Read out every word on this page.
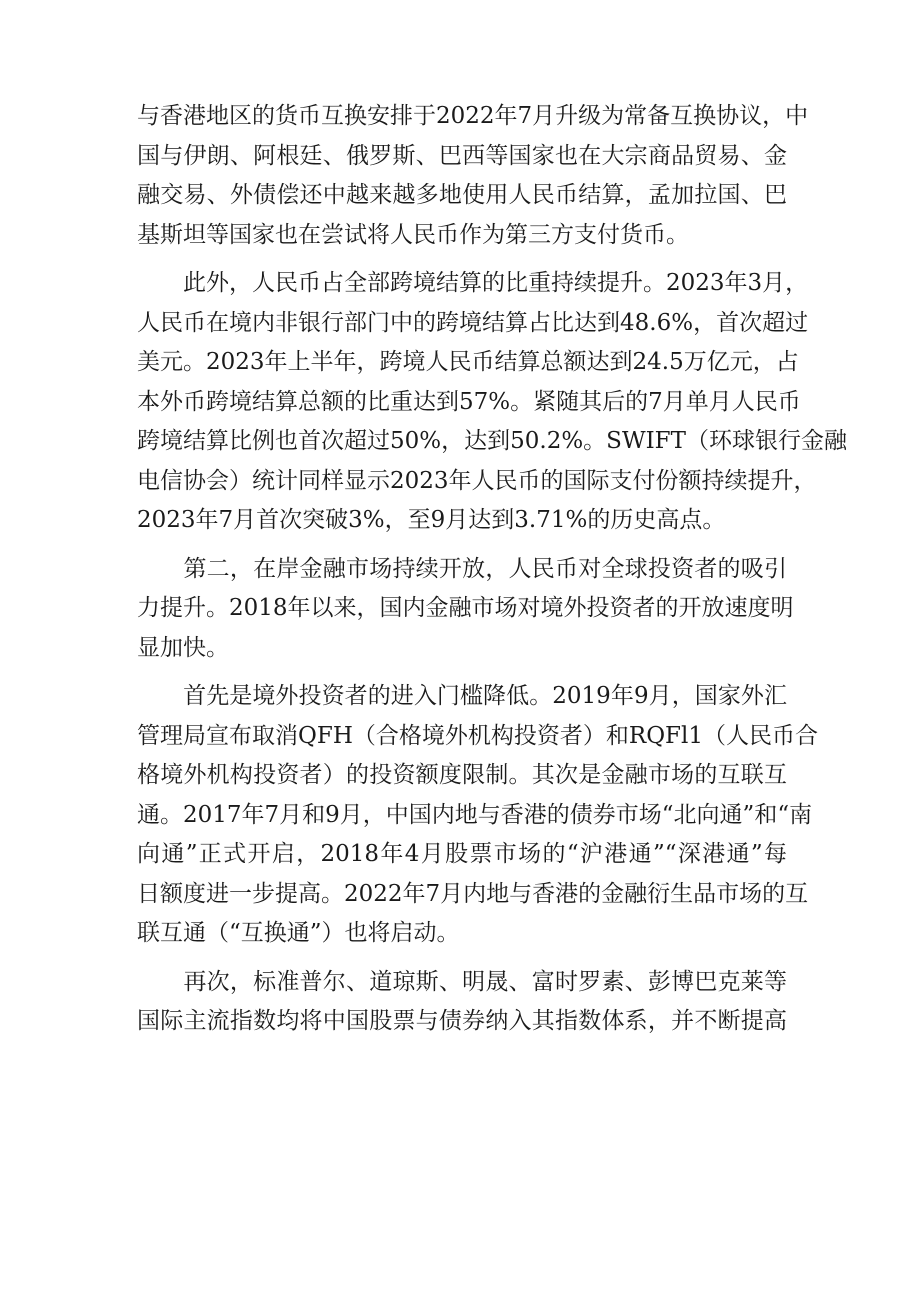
与香港地区的货币互换安排于2022年7月升级为常备互换协议，中
国与伊朗、阿根廷、俄罗斯、巴西等国家也在大宗商品贸易、金
融交易、外债偿还中越来越多地使用人民币结算，孟加拉国、巴
基斯坦等国家也在尝试将人民币作为第三方支付货币。
　　此外，人民币占全部跨境结算的比重持续提升。2023年3月，
人民币在境内非银行部门中的跨境结算占比达到48.6%，首次超过
美元。2023年上半年，跨境人民币结算总额达到24.5万亿元，占
本外币跨境结算总额的比重达到57%。紧随其后的7月单月人民币
跨境结算比例也首次超过50%，达到50.2%。SWIFT（环球银行金融
电信协会）统计同样显示2023年人民币的国际支付份额持续提升，
2023年7月首次突破3%，至9月达到3.71%的历史高点。
　　第二，在岸金融市场持续开放，人民币对全球投资者的吸引
力提升。2018年以来，国内金融市场对境外投资者的开放速度明
显加快。
　　首先是境外投资者的进入门槛降低。2019年9月，国家外汇
管理局宣布取消QFH（合格境外机构投资者）和RQFl1（人民币合
格境外机构投资者）的投资额度限制。其次是金融市场的互联互
通。2017年7月和9月，中国内地与香港的债券市场“北向通”和“南
向通”正式开启，2018年4月股票市场的“沪港通”“深港通”每
日额度进一步提高。2022年7月内地与香港的金融衍生品市场的互
联互通（“互换通”）也将启动。
　　再次，标准普尔、道琼斯、明晟、富时罗素、彭博巴克莱等
国际主流指数均将中国股票与债券纳入其指数体系，并不断提高
